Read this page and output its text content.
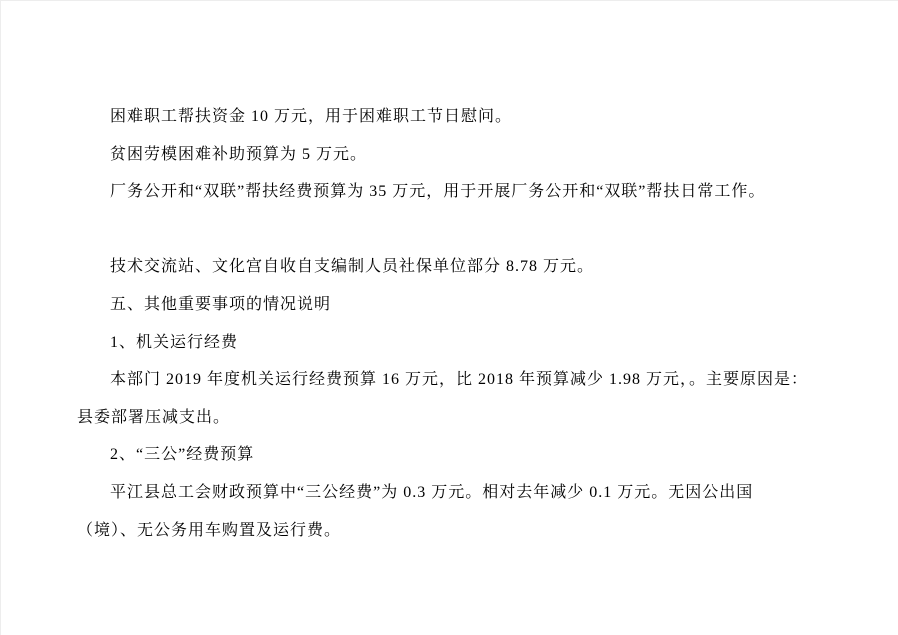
困难职工帮扶资金 10 万元，用于困难职工节日慰问。
贫困劳模困难补助预算为 5 万元。
厂务公开和“双联”帮扶经费预算为 35 万元，用于开展厂务公开和“双联”帮扶日常工作。
技术交流站、文化宫自收自支编制人员社保单位部分 8.78 万元。
五、其他重要事项的情况说明
1、机关运行经费
本部门 2019 年度机关运行经费预算 16 万元，比 2018 年预算减少 1.98 万元，。主要原因是：
县委部署压减支出。
2、“三公”经费预算
平江县总工会财政预算中“三公经费”为 0.3 万元。相对去年减少 0.1 万元。无因公出国
（境）、无公务用车购置及运行费。
